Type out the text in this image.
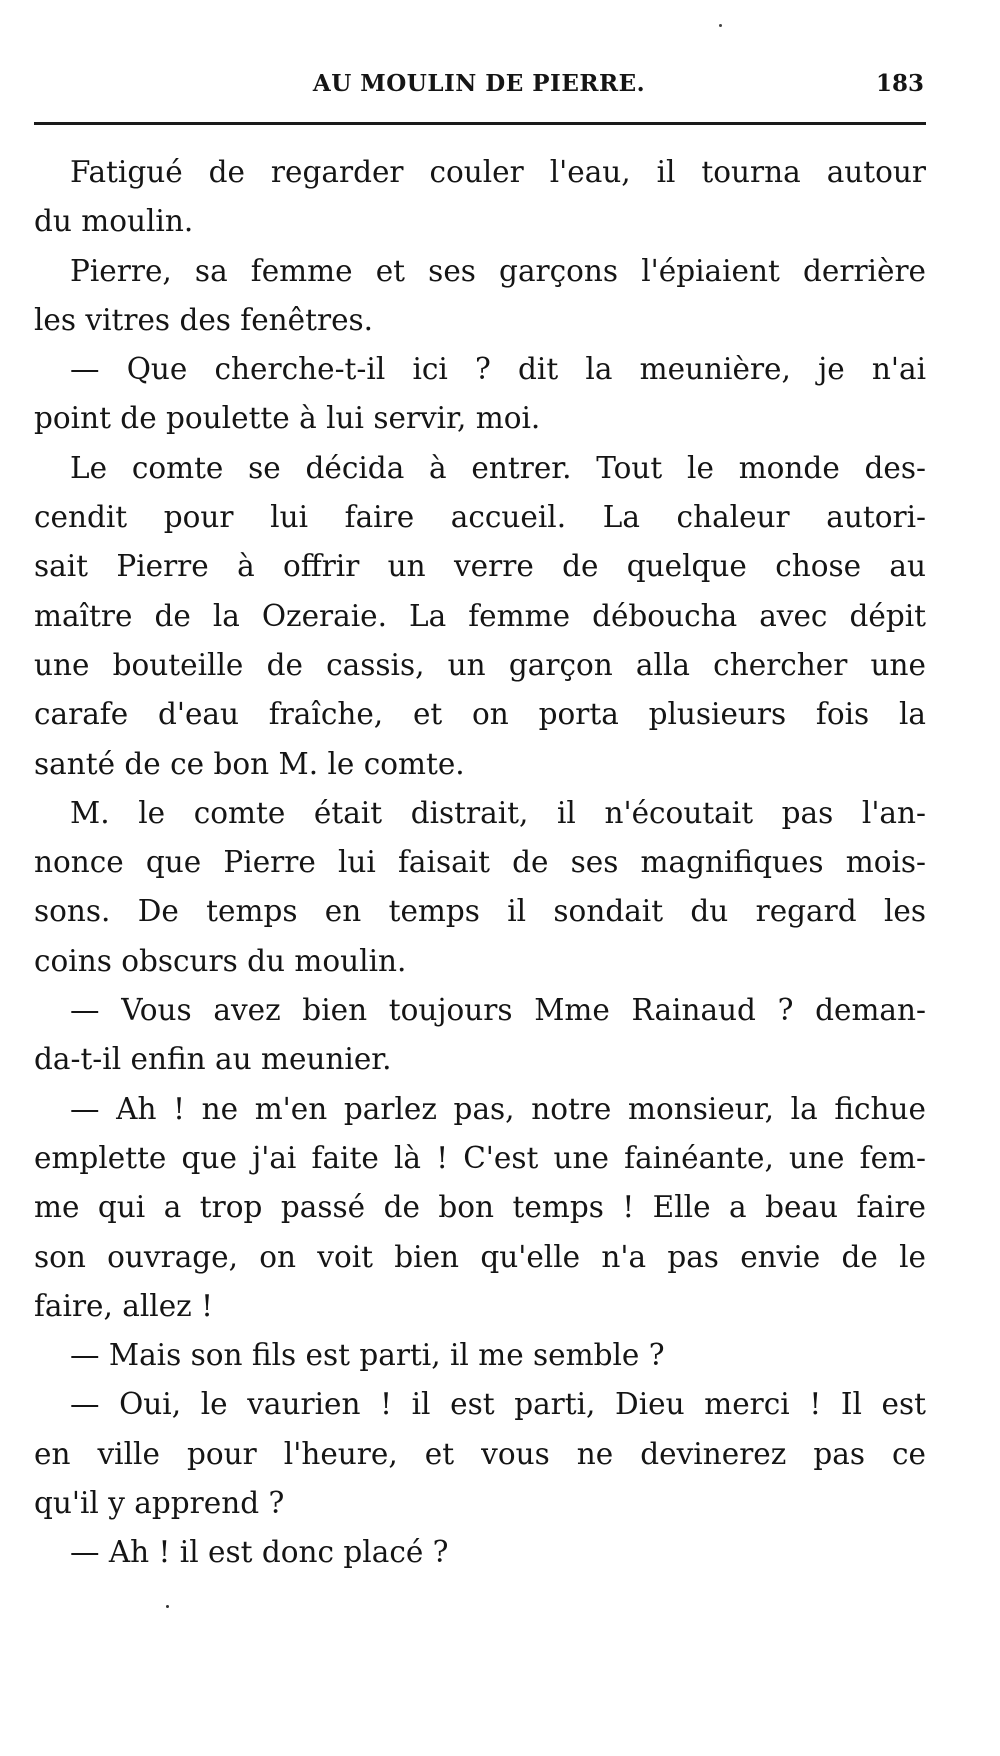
AU MOULIN DE PIERRE.	183
Fatigué de regarder couler l'eau, il tourna autour
du moulin.
Pierre, sa femme et ses garçons l'épiaient derrière
les vitres des fenêtres.
— Que cherche-t-il ici ? dit la meunière, je n'ai
point de poulette à lui servir, moi.
Le comte se décida à entrer. Tout le monde des-
cendit pour lui faire accueil. La chaleur autori-
sait Pierre à offrir un verre de quelque chose au
maître de la Ozeraie. La femme déboucha avec dépit
une bouteille de cassis, un garçon alla chercher une
carafe d'eau fraîche, et on porta plusieurs fois la
santé de ce bon M. le comte.
M. le comte était distrait, il n'écoutait pas l'an-
nonce que Pierre lui faisait de ses magnifiques mois-
sons. De temps en temps il sondait du regard les
coins obscurs du moulin.
— Vous avez bien toujours Mme Rainaud ? deman-
da-t-il enfin au meunier.
— Ah ! ne m'en parlez pas, notre monsieur, la fichue
emplette que j'ai faite là ! C'est une fainéante, une fem-
me qui a trop passé de bon temps ! Elle a beau faire
son ouvrage, on voit bien qu'elle n'a pas envie de le
faire, allez !
— Mais son fils est parti, il me semble ?
— Oui, le vaurien ! il est parti, Dieu merci ! Il est
en ville pour l'heure, et vous ne devinerez pas ce
qu'il y apprend ?
— Ah ! il est donc placé ?
